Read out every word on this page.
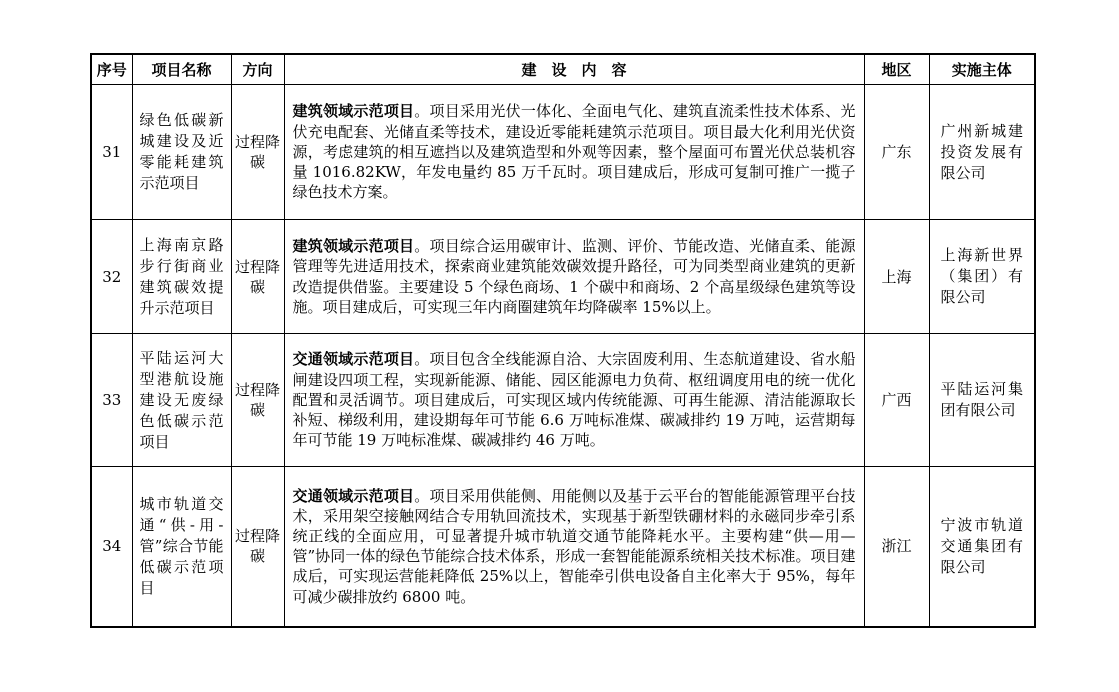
序号	项目名称	方向	建　设　内　容	地区	实施主体
31	绿色低碳新城建设及近零能耗建筑示范项目	过程降碳	建筑领域示范项目。项目采用光伏一体化、全面电气化、建筑直流柔性技术体系、光伏充电配套、光储直柔等技术，建设近零能耗建筑示范项目。项目最大化利用光伏资源，考虑建筑的相互遮挡以及建筑造型和外观等因素，整个屋面可布置光伏总装机容量 1016.82KW，年发电量约 85 万千瓦时。项目建成后，形成可复制可推广一揽子绿色技术方案。	广东	广州新城建投资发展有限公司
32	上海南京路步行街商业建筑碳效提升示范项目	过程降碳	建筑领域示范项目。项目综合运用碳审计、监测、评价、节能改造、光储直柔、能源管理等先进适用技术，探索商业建筑能效碳效提升路径，可为同类型商业建筑的更新改造提供借鉴。主要建设 5 个绿色商场、1 个碳中和商场、2 个高星级绿色建筑等设施。项目建成后，可实现三年内商圈建筑年均降碳率 15%以上。	上海	上海新世界（集团）有限公司
33	平陆运河大型港航设施建设无废绿色低碳示范项目	过程降碳	交通领域示范项目。项目包含全线能源自洽、大宗固废利用、生态航道建设、省水船闸建设四项工程，实现新能源、储能、园区能源电力负荷、枢纽调度用电的统一优化配置和灵活调节。项目建成后，可实现区域内传统能源、可再生能源、清洁能源取长补短、梯级利用，建设期每年可节能 6.6 万吨标准煤、碳减排约 19 万吨，运营期每年可节能 19 万吨标准煤、碳减排约 46 万吨。	广西	平陆运河集团有限公司
34	城市轨道交通“供-用-管”综合节能低碳示范项目	过程降碳	交通领域示范项目。项目采用供能侧、用能侧以及基于云平台的智能能源管理平台技术，采用架空接触网结合专用轨回流技术，实现基于新型铁硼材料的永磁同步牵引系统正线的全面应用，可显著提升城市轨道交通节能降耗水平。主要构建“供—用—管”协同一体的绿色节能综合技术体系，形成一套智能能源系统相关技术标准。项目建成后，可实现运营能耗降低 25%以上，智能牵引供电设备自主化率大于 95%，每年可减少碳排放约 6800 吨。	浙江	宁波市轨道交通集团有限公司
